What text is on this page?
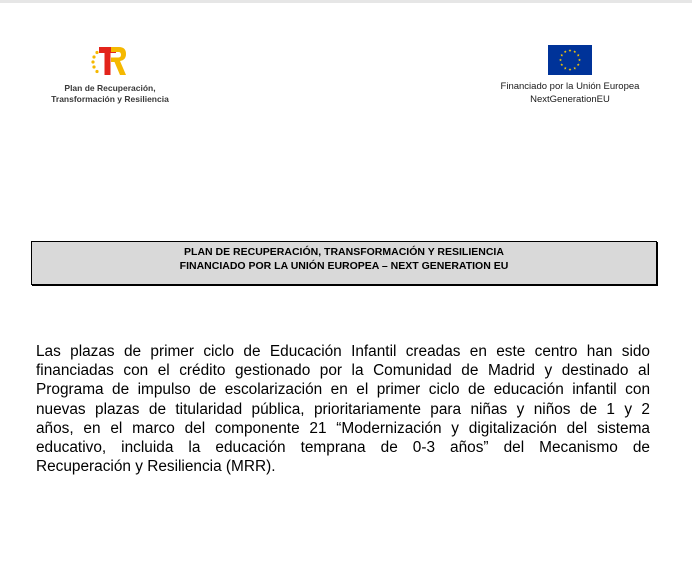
Plan de Recuperación,
Transformación y Resiliencia
Financiado por la Unión Europea
NextGenerationEU
PLAN DE RECUPERACIÓN, TRANSFORMACIÓN Y RESILIENCIA
FINANCIADO POR LA UNIÓN EUROPEA – NEXT GENERATION EU
Las plazas de primer ciclo de Educación Infantil creadas en este centro han sido
financiadas con el crédito gestionado por la Comunidad de Madrid y destinado al
Programa de impulso de escolarización en el primer ciclo de educación infantil con
nuevas plazas de titularidad pública, prioritariamente para niñas y niños de 1 y 2
años, en el marco del componente 21 “Modernización y digitalización del sistema
educativo, incluida la educación temprana de 0-3 años” del Mecanismo de
Recuperación y Resiliencia (MRR).
